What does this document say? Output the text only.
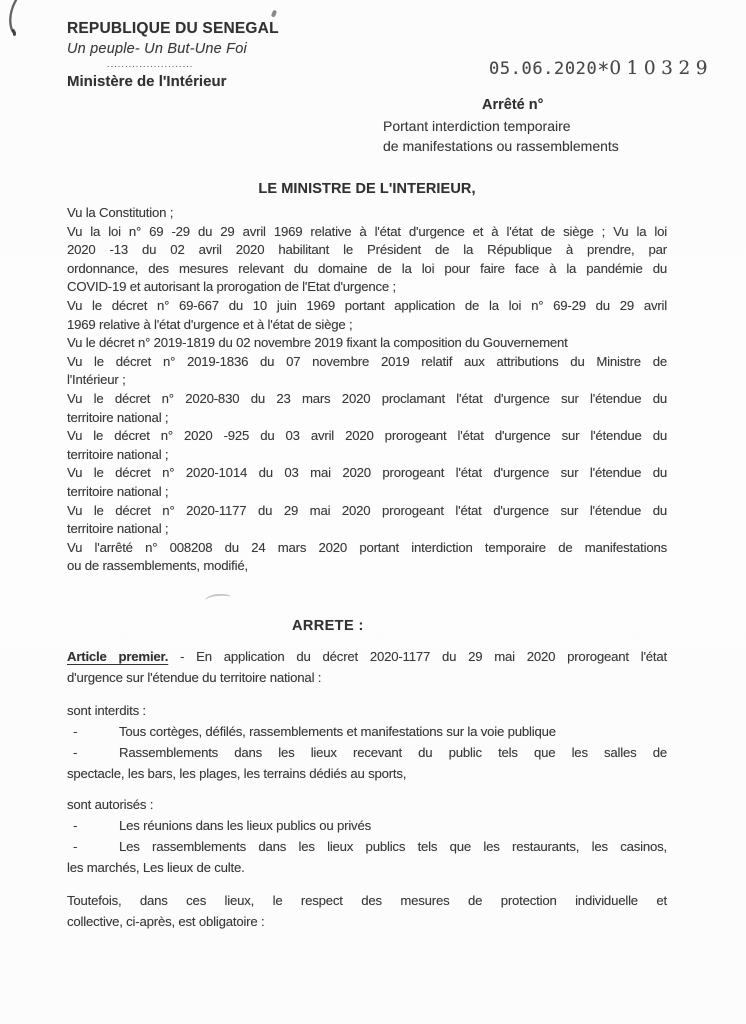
REPUBLIQUE DU SENEGAL
Un peuple- Un But-Une Foi
........................
Ministère de l'Intérieur
05.06.2020*010329
Arrêté n°
Portant interdiction temporaire
de manifestations ou rassemblements
LE MINISTRE DE L'INTERIEUR,
Vu la Constitution ;
Vu la loi n° 69 -29 du 29 avril 1969 relative à l'état d'urgence et à l'état de siège ; Vu la loi
2020 -13 du 02 avril 2020 habilitant le Président de la République à prendre, par
ordonnance, des mesures relevant du domaine de la loi pour faire face à la pandémie du
COVID-19 et autorisant la prorogation de l'Etat d'urgence ;
Vu le décret n° 69-667 du 10 juin 1969 portant application de la loi n° 69-29 du 29 avril
1969 relative à l'état d'urgence et à l'état de siège ;
Vu le décret n° 2019-1819 du 02 novembre 2019 fixant la composition du Gouvernement
Vu le décret n° 2019-1836 du 07 novembre 2019 relatif aux attributions du Ministre de
l'Intérieur ;
Vu le décret n° 2020-830 du 23 mars 2020 proclamant l'état d'urgence sur l'étendue du
territoire national ;
Vu le décret n° 2020 -925 du 03 avril 2020 prorogeant l'état d'urgence sur l'étendue du
territoire national ;
Vu le décret n° 2020-1014 du 03 mai 2020 prorogeant l'état d'urgence sur l'étendue du
territoire national ;
Vu le décret n° 2020-1177 du 29 mai 2020 prorogeant l'état d'urgence sur l'étendue du
territoire national ;
Vu l'arrêté n° 008208 du 24 mars 2020 portant interdiction temporaire de manifestations
ou de rassemblements, modifié,
ARRETE :
Article premier. - En application du décret 2020-1177 du 29 mai 2020 prorogeant l'état
d'urgence sur l'étendue du territoire national :
sont interdits :
-	Tous cortèges, défilés, rassemblements et manifestations sur la voie publique
-	Rassemblements dans les lieux recevant du public tels que les salles de
spectacle, les bars, les plages, les terrains dédiés au sports,
sont autorisés :
-	Les réunions dans les lieux publics ou privés
-	Les rassemblements dans les lieux publics tels que les restaurants, les casinos,
les marchés, Les lieux de culte.
Toutefois, dans ces lieux, le respect des mesures de protection individuelle et
collective, ci-après, est obligatoire :
